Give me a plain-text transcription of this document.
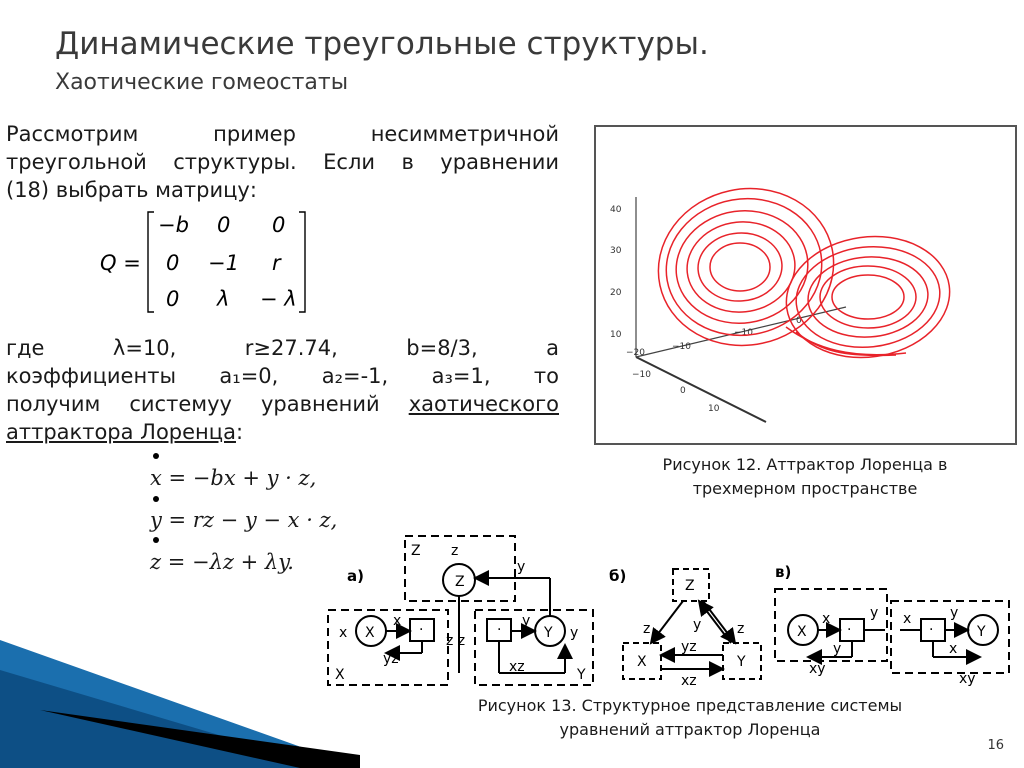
Динамические треугольные структуры.
Хаотические гомеостаты
Рассмотрим пример несимметричной
треугольной структуры. Если в уравнении
(18) выбрать матрицу:
Q =
−b 0 0
0 −1 r
0 λ − λ
где λ=10, r≥27.74, b=8/3, а
коэффициенты a₁=0, a₂=-1, a₃=1, то
получим системуу уравнений хаотического
аттрактора Лоренца:
x = −bx + y · z,
y = rz − y − x · z,
z = −λz + λy.
40
30
20
10
−20
−10
0
10
−10
−10
0
Рисунок 12. Аттрактор Лоренца в
трехмерном пространстве
а)	б)	в)
Z z
Z
y
X	Y
x	y
x	y
·	·
yz
z z
xz
X	Y
Z
X	Y
z	y	z
yz
xz
X	Y
x	y x	y
·	·
y	x
xy
xy
Рисунок 13. Структурное представление системы
уравнений аттрактор Лоренца
16
